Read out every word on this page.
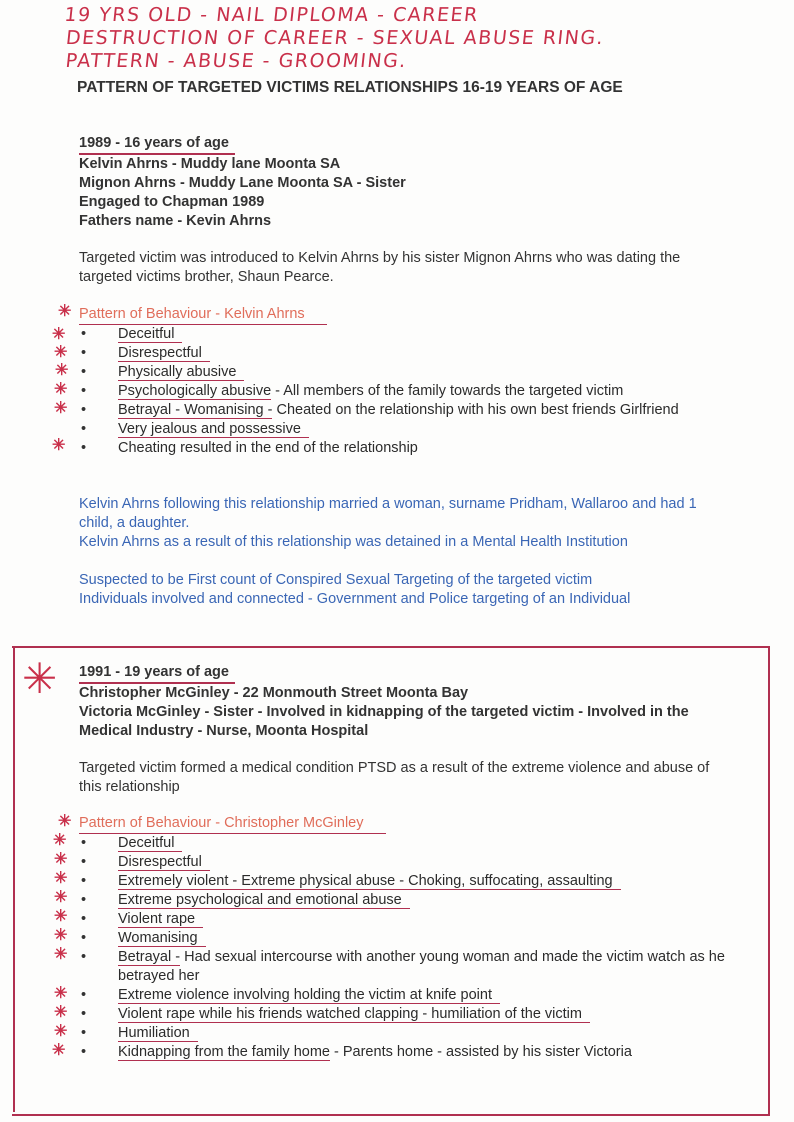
19 YRS OLD - NAIL DIPLOMA - CAREER
DESTRUCTION OF CAREER - SEXUAL ABUSE RING.
PATTERN - ABUSE - GROOMING.
PATTERN OF TARGETED VICTIMS RELATIONSHIPS 16-19 YEARS OF AGE
1989 - 16 years of age
Kelvin Ahrns - Muddy lane Moonta SA
Mignon Ahrns - Muddy Lane Moonta SA - Sister
Engaged to Chapman 1989
Fathers name - Kevin Ahrns
Targeted victim was introduced to Kelvin Ahrns by his sister Mignon Ahrns who was dating the targeted victims brother, Shaun Pearce.
Pattern of Behaviour - Kelvin Ahrns
• Deceitful
• Disrespectful
• Physically abusive
• Psychologically abusive - All members of the family towards the targeted victim
• Betrayal - Womanising - Cheated on the relationship with his own best friends Girlfriend
• Very jealous and possessive
• Cheating resulted in the end of the relationship
Kelvin Ahrns following this relationship married a woman, surname Pridham, Wallaroo and had 1 child, a daughter.
Kelvin Ahrns as a result of this relationship was detained in a Mental Health Institution
Suspected to be First count of Conspired Sexual Targeting of the targeted victim
Individuals involved and connected - Government and Police targeting of an Individual
✳
✳
✳
✳
✳
✳
✳
✳ 1991 - 19 years of age
Christopher McGinley - 22 Monmouth Street Moonta Bay
Victoria McGinley - Sister - Involved in kidnapping of the targeted victim - Involved in the Medical Industry - Nurse, Moonta Hospital
Targeted victim formed a medical condition PTSD as a result of the extreme violence and abuse of this relationship
Pattern of Behaviour - Christopher McGinley
• Deceitful
• Disrespectful
• Extremely violent - Extreme physical abuse - Choking, suffocating, assaulting
• Extreme psychological and emotional abuse
• Violent rape
• Womanising
• Betrayal - Had sexual intercourse with another young woman and made the victim watch as he betrayed her
• Extreme violence involving holding the victim at knife point
• Violent rape while his friends watched clapping - humiliation of the victim
• Humiliation
• Kidnapping from the family home - Parents home - assisted by his sister Victoria
✳
✳
✳
✳
✳
✳
✳
✳
✳
✳
✳
✳
